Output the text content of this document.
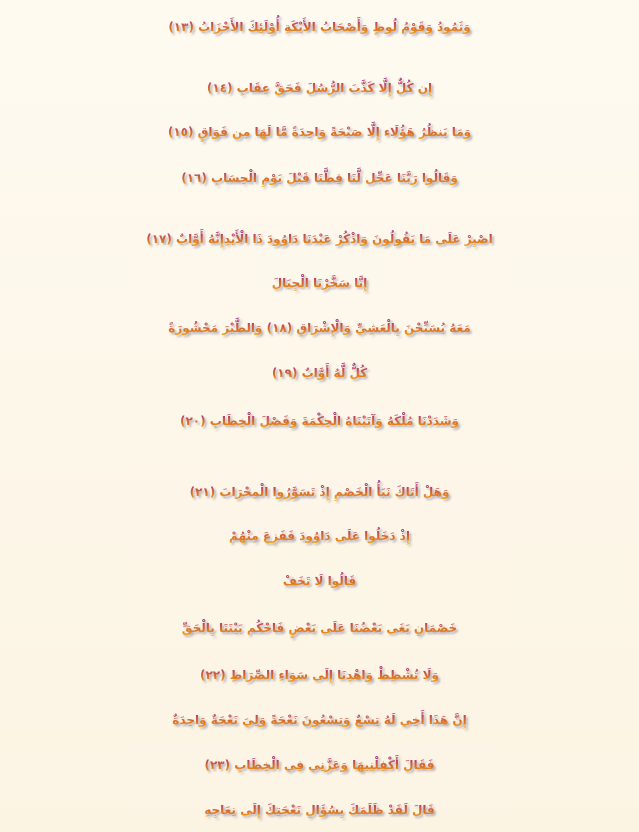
وَثَمُودُ وَقَوْمُ لُوطٍ وَأَصْحَابُ الأَيْكَةِ أُوْلَئِكَ الأَحْزَابُ (١٣)
إِن كُلٌّ إِلَّا كَذَّبَ الرُّسُلَ فَحَقَّ عِقَابِ (١٤)
وَمَا يَنظُرُ هَؤُلَاء إِلَّا صَيْحَةً وَاحِدَةً مَّا لَهَا مِن فَوَاقٍ (١٥)
وَقَالُوا رَبَّنَا عَجِّل لَّنَا قِطَّنَا قَبْلَ يَوْمِ الْحِسَابِ (١٦)
اصْبِرْ عَلَى مَا يَقُولُونَ وَاذْكُرْ عَبْدَنَا دَاوُودَ ذَا الْأَيْدِإِنَّهُ أَوَّابٌ (١٧)
إِنَّا سَخَّرْنَا الْجِبَالَ
مَعَهُ يُسَبِّحْنَ بِالْعَشِيِّ وَالْإِشْرَاقِ (١٨) وَالطَّيْرَ مَحْشُورَةً
كُلٌّ لَّهُ أَوَّابٌ (١٩)
وَشَدَدْنَا مُلْكَهُ وَآتَيْنَاهُ الْحِكْمَةَ وَفَصْلَ الْخِطَابِ (٢٠)
وَهَلْ أَتَاكَ نَبَأُ الْخَصْمِ إِذْ تَسَوَّرُوا الْمِحْرَابَ (٢١)
إِذْ دَخَلُوا عَلَى دَاوُودَ فَفَزِعَ مِنْهُمْ
قَالُوا لَا تَخَفْ
خَصْمَانِ بَغَى بَعْضُنَا عَلَى بَعْضٍ فَاحْكُم بَيْنَنَا بِالْحَقِّ
وَلَا تُشْطِطْ وَاهْدِنَا إِلَى سَوَاءِ الصِّرَاطِ (٢٢)
إِنَّ هَذَا أَخِي لَهُ تِسْعٌ وَتِسْعُونَ نَعْجَةً وَلِيَ نَعْجَةٌ وَاحِدَةٌ
فَقَالَ أَكْفِلْنِيهَا وَعَزَّنِي فِي الْخِطَابِ (٢٣)
قَالَ لَقَدْ ظَلَمَكَ بِسُؤَالِ نَعْجَتِكَ إِلَى نِعَاجِهِ
